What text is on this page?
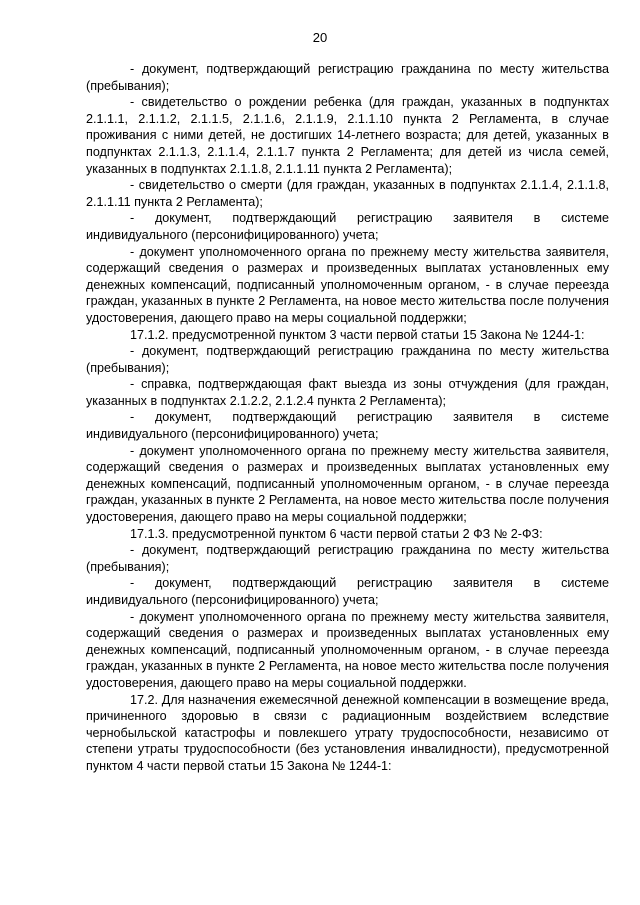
20

- документ, подтверждающий регистрацию гражданина по месту жительства (пребывания);

- свидетельство о рождении ребенка (для граждан, указанных в подпунктах 2.1.1.1, 2.1.1.2, 2.1.1.5, 2.1.1.6, 2.1.1.9, 2.1.1.10 пункта 2 Регламента, в случае проживания с ними детей, не достигших 14-летнего возраста; для детей, указанных в подпунктах 2.1.1.3, 2.1.1.4, 2.1.1.7 пункта 2 Регламента; для детей из числа семей, указанных в подпунктах 2.1.1.8, 2.1.1.11 пункта 2 Регламента);

- свидетельство о смерти (для граждан, указанных в подпунктах 2.1.1.4, 2.1.1.8, 2.1.1.11 пункта 2 Регламента);

- документ, подтверждающий регистрацию заявителя в системе индивидуального (персонифицированного) учета;

- документ уполномоченного органа по прежнему месту жительства заявителя, содержащий сведения о размерах и произведенных выплатах установленных ему денежных компенсаций, подписанный уполномоченным органом, - в случае переезда граждан, указанных в пункте 2 Регламента, на новое место жительства после получения удостоверения, дающего право на меры социальной поддержки;

17.1.2. предусмотренной пунктом 3 части первой статьи 15 Закона № 1244-1:

- документ, подтверждающий регистрацию гражданина по месту жительства (пребывания);

- справка, подтверждающая факт выезда из зоны отчуждения (для граждан, указанных в подпунктах 2.1.2.2, 2.1.2.4 пункта 2 Регламента);

- документ, подтверждающий регистрацию заявителя в системе индивидуального (персонифицированного) учета;

- документ уполномоченного органа по прежнему месту жительства заявителя, содержащий сведения о размерах и произведенных выплатах установленных ему денежных компенсаций, подписанный уполномоченным органом, - в случае переезда граждан, указанных в пункте 2 Регламента, на новое место жительства после получения удостоверения, дающего право на меры социальной поддержки;

17.1.3. предусмотренной пунктом 6 части первой статьи 2 ФЗ № 2-ФЗ:

- документ, подтверждающий регистрацию гражданина по месту жительства (пребывания);

- документ, подтверждающий регистрацию заявителя в системе индивидуального (персонифицированного) учета;

- документ уполномоченного органа по прежнему месту жительства заявителя, содержащий сведения о размерах и произведенных выплатах установленных ему денежных компенсаций, подписанный уполномоченным органом, - в случае переезда граждан, указанных в пункте 2 Регламента, на новое место жительства после получения удостоверения, дающего право на меры социальной поддержки.

17.2. Для назначения ежемесячной денежной компенсации в возмещение вреда, причиненного здоровью в связи с радиационным воздействием вследствие чернобыльской катастрофы и повлекшего утрату трудоспособности, независимо от степени утраты трудоспособности (без установления инвалидности), предусмотренной пунктом 4 части первой статьи 15 Закона № 1244-1:
